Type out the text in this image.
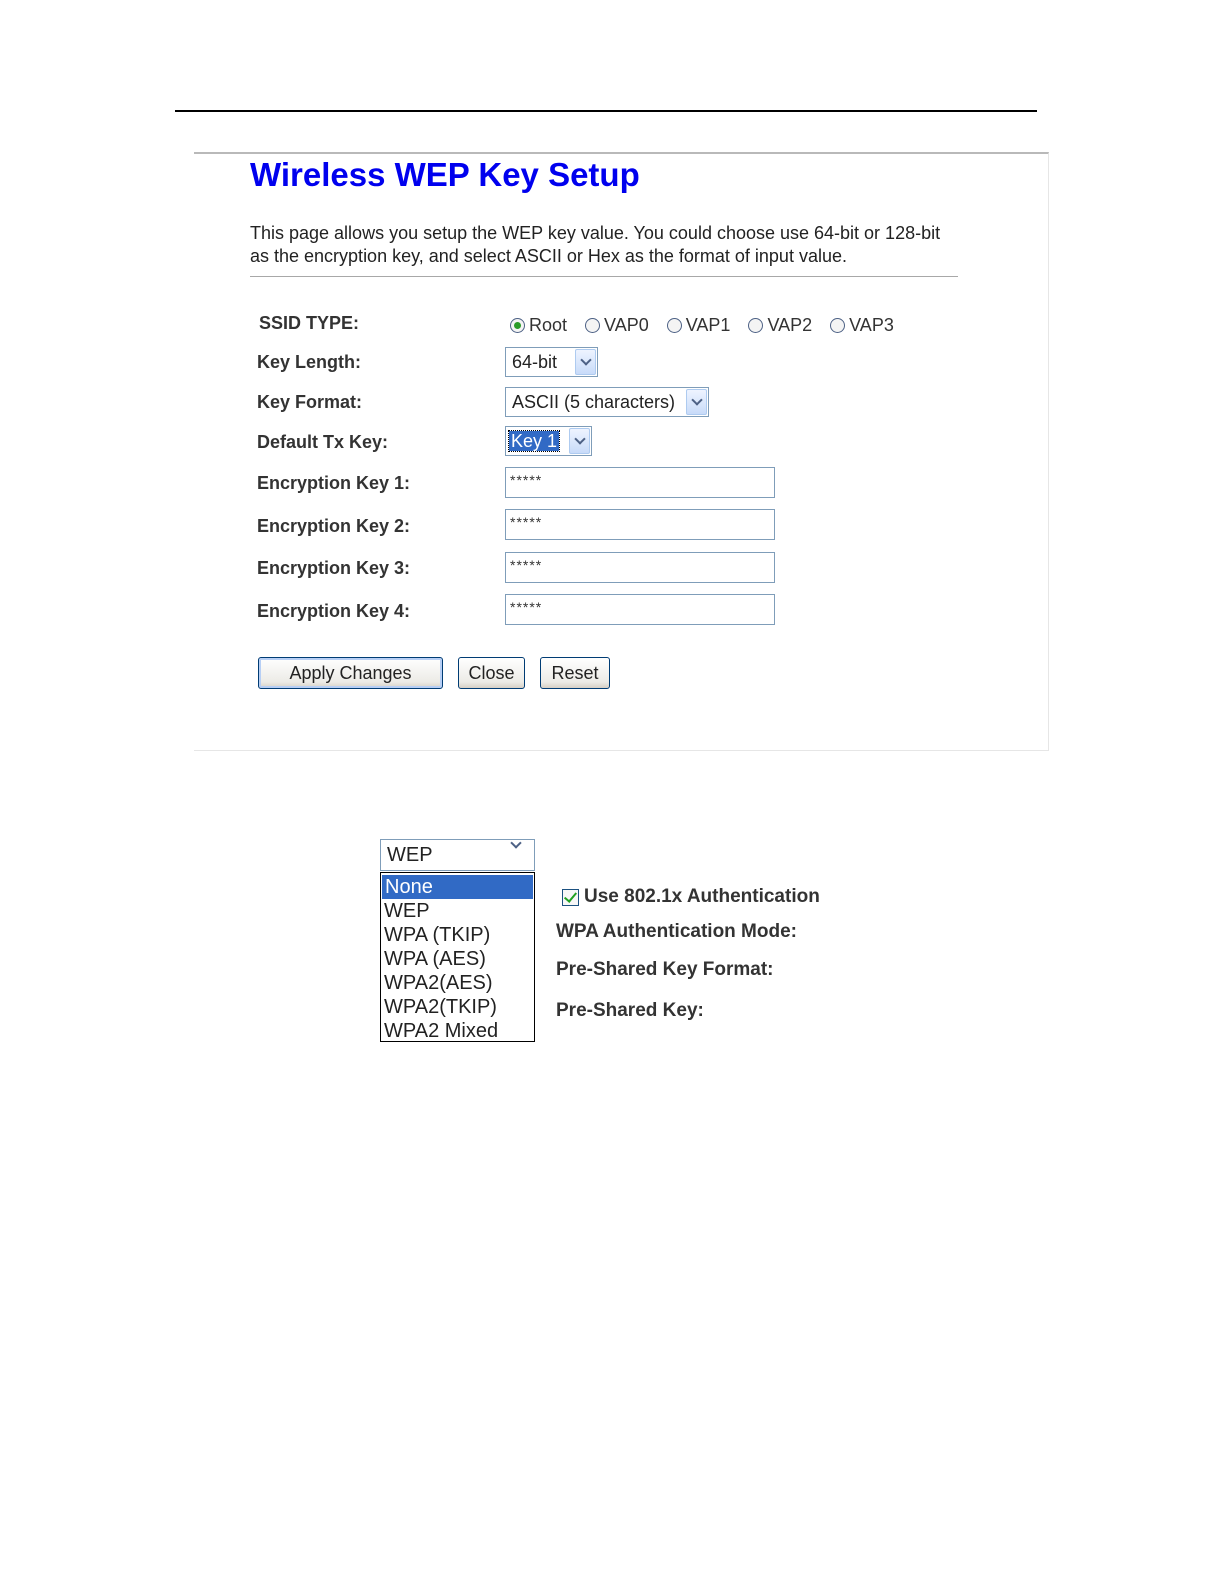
Wireless WEP Key Setup

This page allows you setup the WEP key value. You could choose use 64-bit or 128-bit as the encryption key, and select ASCII or Hex as the format of input value.

SSID TYPE:	Root VAP0 VAP1 VAP2 VAP3
Key Length:	64-bit
Key Format:	ASCII (5 characters)
Default Tx Key:	Key 1
Encryption Key 1:	*****
Encryption Key 2:	*****
Encryption Key 3:	*****
Encryption Key 4:	*****
Apply Changes	Close	Reset
WEP
None
WEP
WPA (TKIP)
WPA (AES)
WPA2(AES)
WPA2(TKIP)
WPA2 Mixed
Use 802.1x Authentication
WPA Authentication Mode:
Pre-Shared Key Format:
Pre-Shared Key:
